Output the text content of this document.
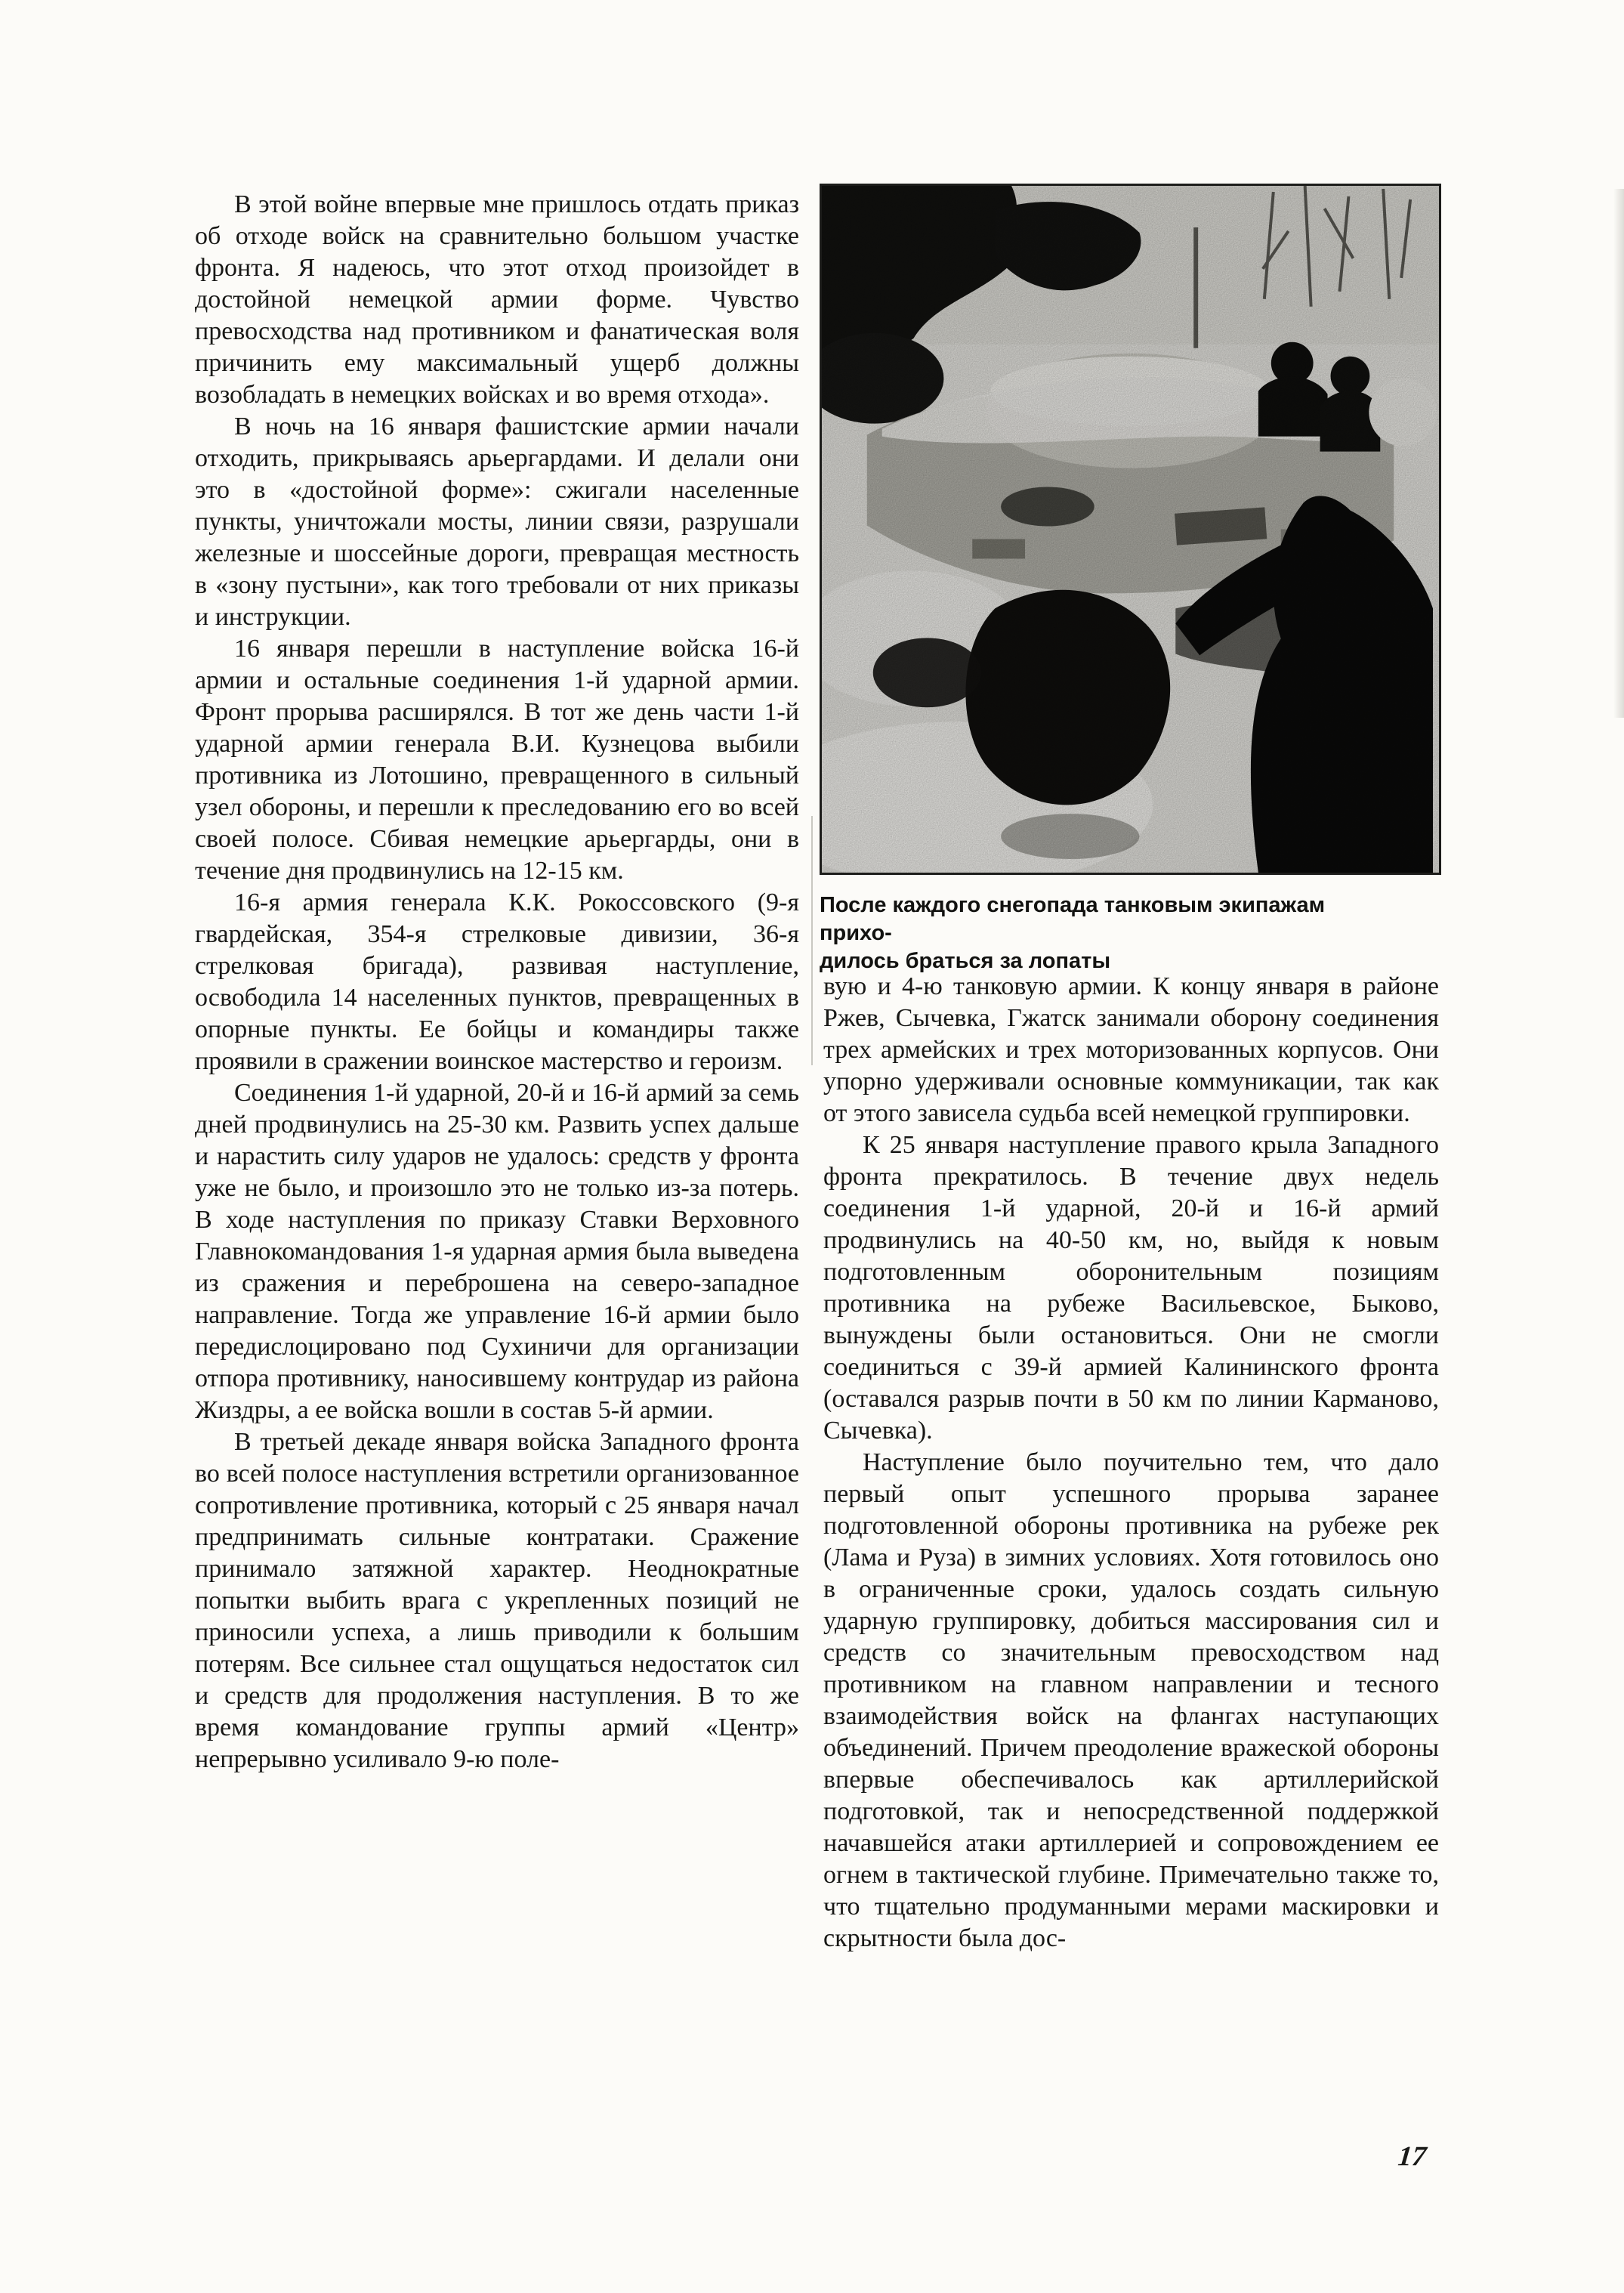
В этой войне впервые мне пришлось отдать приказ об отходе войск на сравнительно большом участке фронта. Я надеюсь, что этот отход произойдет в достойной немецкой армии форме. Чувство превосходства над противником и фанатическая воля причинить ему максимальный ущерб должны возобладать в немецких войсках и во время отхода».

В ночь на 16 января фашистские армии начали отходить, прикрываясь арьергардами. И делали они это в «достойной форме»: сжигали населенные пункты, уничтожали мосты, линии связи, разрушали железные и шоссейные дороги, превращая местность в «зону пустыни», как того требовали от них приказы и инструкции.

16 января перешли в наступление войска 16-й армии и остальные соединения 1-й ударной армии. Фронт прорыва расширялся. В тот же день части 1-й ударной армии генерала В.И. Кузнецова выбили противника из Лотошино, превращенного в сильный узел обороны, и перешли к преследованию его во всей своей полосе. Сбивая немецкие арьергарды, они в течение дня продвинулись на 12-15 км.

16-я армия генерала К.К. Рокоссовского (9-я гвардейская, 354-я стрелковые дивизии, 36-я стрелковая бригада), развивая наступление, освободила 14 населенных пунктов, превращенных в опорные пункты. Ее бойцы и командиры также проявили в сражении воинское мастерство и героизм.

Соединения 1-й ударной, 20-й и 16-й армий за семь дней продвинулись на 25-30 км. Развить успех дальше и нарастить силу ударов не удалось: средств у фронта уже не было, и произошло это не только из-за потерь. В ходе наступления по приказу Ставки Верховного Главнокомандования 1-я ударная армия была выведена из сражения и переброшена на северо-западное направление. Тогда же управление 16-й армии было передислоцировано под Сухиничи для организации отпора противнику, наносившему контрудар из района Жиздры, а ее войска вошли в состав 5-й армии.

В третьей декаде января войска Западного фронта во всей полосе наступления встретили организованное сопротивление противника, который с 25 января начал предпринимать сильные контратаки. Сражение принимало затяжной характер. Неоднократные попытки выбить врага с укрепленных позиций не приносили успеха, а лишь приводили к большим потерям. Все сильнее стал ощущаться недостаток сил и средств для продолжения наступления. В то же время командование группы армий «Центр» непрерывно усиливало 9-ю поле-

После каждого снегопада танковым экипажам прихо-
дилось браться за лопаты

вую и 4-ю танковую армии. К концу января в районе Ржев, Сычевка, Гжатск занимали оборону соединения трех армейских и трех моторизованных корпусов. Они упорно удерживали основные коммуникации, так как от этого зависела судьба всей немецкой группировки.

К 25 января наступление правого крыла Западного фронта прекратилось. В течение двух недель соединения 1-й ударной, 20-й и 16-й армий продвинулись на 40-50 км, но, выйдя к новым подготовленным оборонительным позициям противника на рубеже Васильевское, Быково, вынуждены были остановиться. Они не смогли соединиться с 39-й армией Калининского фронта (оставался разрыв почти в 50 км по линии Карманово, Сычевка).

Наступление было поучительно тем, что дало первый опыт успешного прорыва заранее подготовленной обороны противника на рубеже рек (Лама и Руза) в зимних условиях. Хотя готовилось оно в ограниченные сроки, удалось создать сильную ударную группировку, добиться массирования сил и средств со значительным превосходством над противником на главном направлении и тесного взаимодействия войск на флангах наступающих объединений. Причем преодоление вражеской обороны впервые обеспечивалось как артиллерийской подготовкой, так и непосредственной поддержкой начавшейся атаки артиллерией и сопровождением ее огнем в тактической глубине. Примечательно также то, что тщательно продуманными мерами маскировки и скрытности была дос-

17
